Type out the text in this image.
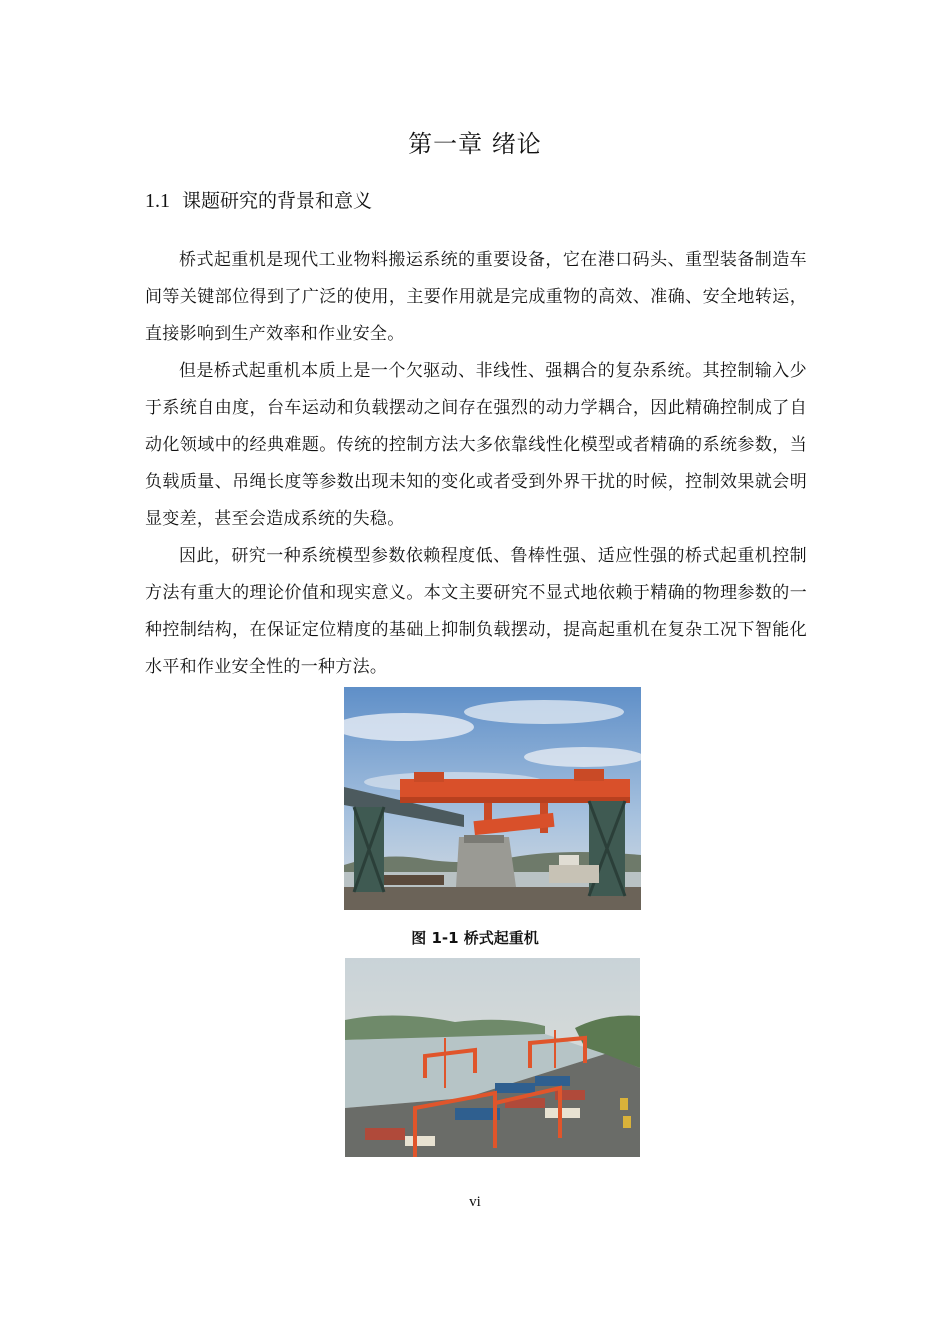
第一章 绪论
1.1 课题研究的背景和意义

桥式起重机是现代工业物料搬运系统的重要设备，它在港口码头、重型装备制造车间等关键部位得到了广泛的使用，主要作用就是完成重物的高效、准确、安全地转运，直接影响到生产效率和作业安全。

但是桥式起重机本质上是一个欠驱动、非线性、强耦合的复杂系统。其控制输入少于系统自由度，台车运动和负载摆动之间存在强烈的动力学耦合，因此精确控制成了自动化领域中的经典难题。传统的控制方法大多依靠线性化模型或者精确的系统参数，当负载质量、吊绳长度等参数出现未知的变化或者受到外界干扰的时候，控制效果就会明显变差，甚至会造成系统的失稳。

因此，研究一种系统模型参数依赖程度低、鲁棒性强、适应性强的桥式起重机控制方法有重大的理论价值和现实意义。本文主要研究不显式地依赖于精确的物理参数的一种控制结构，在保证定位精度的基础上抑制负载摆动，提高起重机在复杂工况下智能化水平和作业安全性的一种方法。

图 1-1 桥式起重机
vi
